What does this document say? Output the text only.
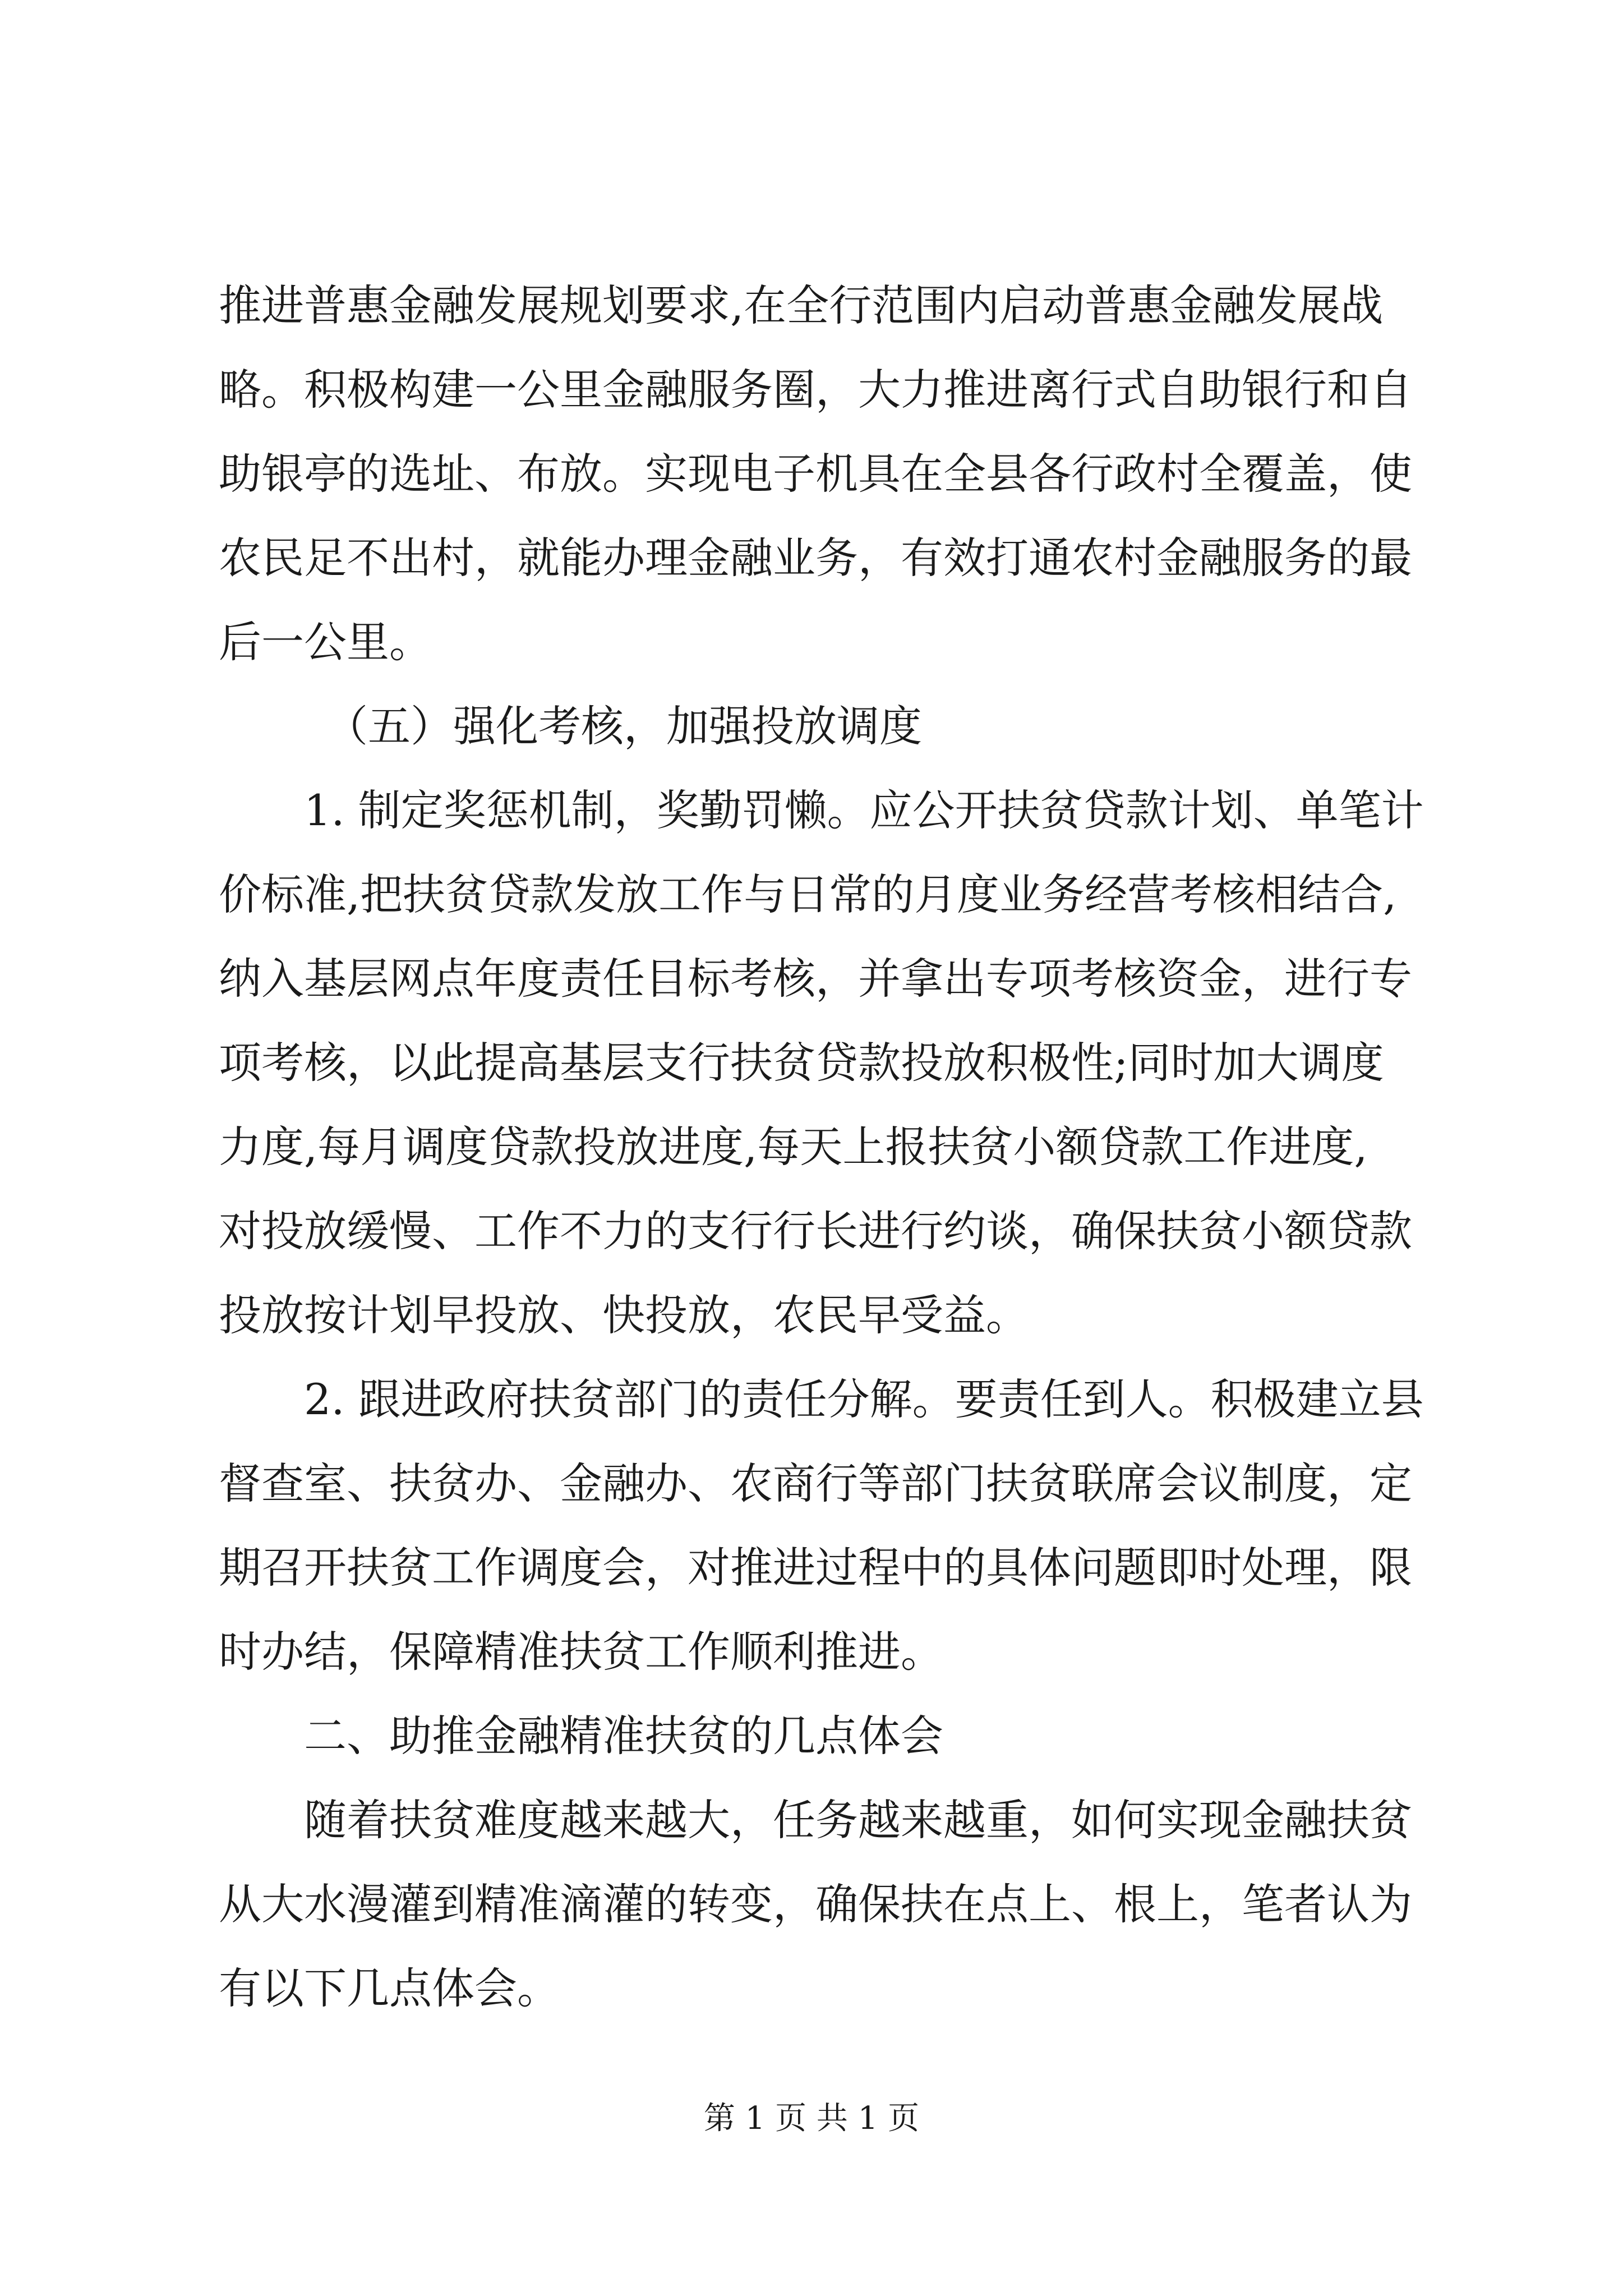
推进普惠金融发展规划要求,在全行范围内启动普惠金融发展战
略。积极构建一公里金融服务圈，大力推进离行式自助银行和自
助银亭的选址、布放。实现电子机具在全县各行政村全覆盖，使
农民足不出村，就能办理金融业务，有效打通农村金融服务的最
后一公里。
（五）强化考核，加强投放调度
1. 制定奖惩机制，奖勤罚懒。应公开扶贫贷款计划、单笔计
价标准,把扶贫贷款发放工作与日常的月度业务经营考核相结合,
纳入基层网点年度责任目标考核，并拿出专项考核资金，进行专
项考核，以此提高基层支行扶贫贷款投放积极性;同时加大调度
力度,每月调度贷款投放进度,每天上报扶贫小额贷款工作进度,
对投放缓慢、工作不力的支行行长进行约谈，确保扶贫小额贷款
投放按计划早投放、快投放，农民早受益。
2. 跟进政府扶贫部门的责任分解。要责任到人。积极建立县
督查室、扶贫办、金融办、农商行等部门扶贫联席会议制度，定
期召开扶贫工作调度会，对推进过程中的具体问题即时处理，限
时办结，保障精准扶贫工作顺利推进。
二、助推金融精准扶贫的几点体会
随着扶贫难度越来越大，任务越来越重，如何实现金融扶贫
从大水漫灌到精准滴灌的转变，确保扶在点上、根上，笔者认为
有以下几点体会。
第 1 页 共 1 页
